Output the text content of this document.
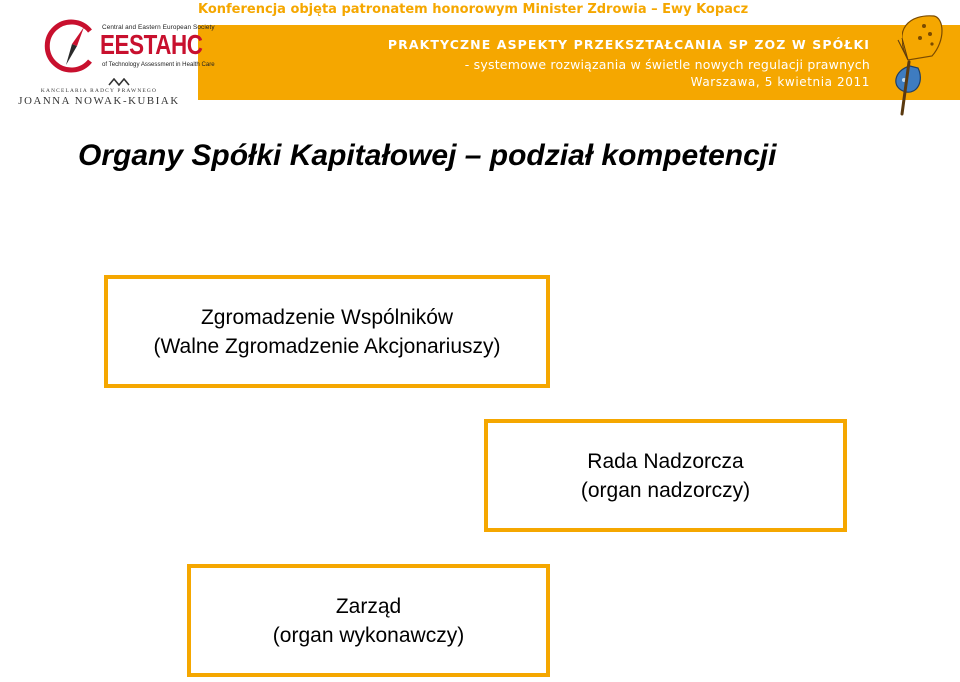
Central and Eastern European Society
EESTAHC
of Technology Assessment in Health Care
KANCELARIA RADCY PRAWNEGO
JOANNA NOWAK-KUBIAK
Konferencja objęta patronatem honorowym Minister Zdrowia – Ewy Kopacz
PRAKTYCZNE ASPEKTY PRZEKSZTAŁCANIA SP ZOZ W SPÓŁKI
- systemowe rozwiązania w świetle nowych regulacji prawnych
Warszawa, 5 kwietnia 2011
Organy Spółki Kapitałowej – podział kompetencji
Zgromadzenie Wspólników
(Walne Zgromadzenie Akcjonariuszy)
Rada Nadzorcza
(organ nadzorczy)
Zarząd
(organ wykonawczy)
